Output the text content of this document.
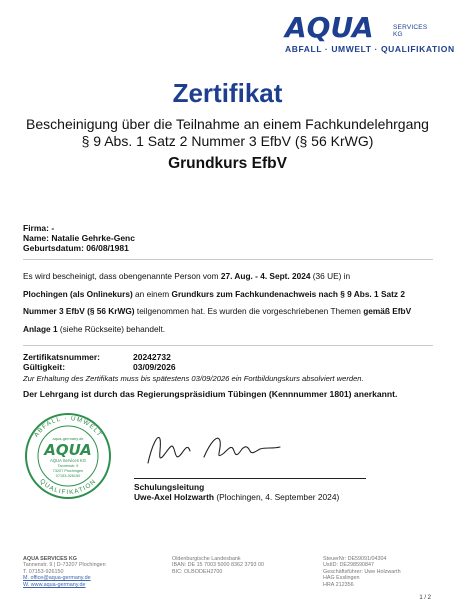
AQUA	SERVICES KG
ABFALL · UMWELT · QUALIFIKATION
Zertifikat
Bescheinigung über die Teilnahme an einem Fachkundelehrgang
§ 9 Abs. 1 Satz 2 Nummer 3 EfbV (§ 56 KrWG)
Grundkurs EfbV
Firma: -
Name: Natalie Gehrke-Genc
Geburtsdatum: 06/08/1981
Es wird bescheinigt, dass obengenannte Person vom 27. Aug. - 4. Sept. 2024 (36 UE) in
Plochingen (als Onlinekurs) an einem Grundkurs zum Fachkundenachweis nach § 9 Abs. 1 Satz 2 Nummer 3 EfbV (§ 56 KrWG) teilgenommen hat. Es wurden die vorgeschriebenen Themen gemäß EfbV Anlage 1 (siehe Rückseite) behandelt.
Zertifikatsnummer:	20242732
Gültigkeit:	03/09/2026
Zur Erhaltung des Zertifikats muss bis spätestens 03/09/2026 ein Fortbildungskurs absolviert werden.
Der Lehrgang ist durch das Regierungspräsidium Tübingen (Kennnummer 1801) anerkannt.
ABFALL · UMWELT
QUALIFIKATION
aqua-germany.de
AQUA
AQUA Services KG
Tannenstr. 9
73207 Plochingen
07153-926150
Schulungsleitung
Uwe-Axel Holzwarth (Plochingen, 4. September 2024)
AQUA SERVICES KG
Tannenstr. 9 | D-73207 Plochingen
T. 07153-926150
M. office@aqua-germany.de
W. www.aqua-germany.de
Oldenburgische Landesbank
IBAN: DE 15 7003 5000 8362 3793 00
BIC: OLBODEH2700
SteuerNr: DE59091/04304
UstID: DE298590847
Geschäftsführer: Uwe Holzwarth
HAG Esslingen
HRA 212356
1 / 2
